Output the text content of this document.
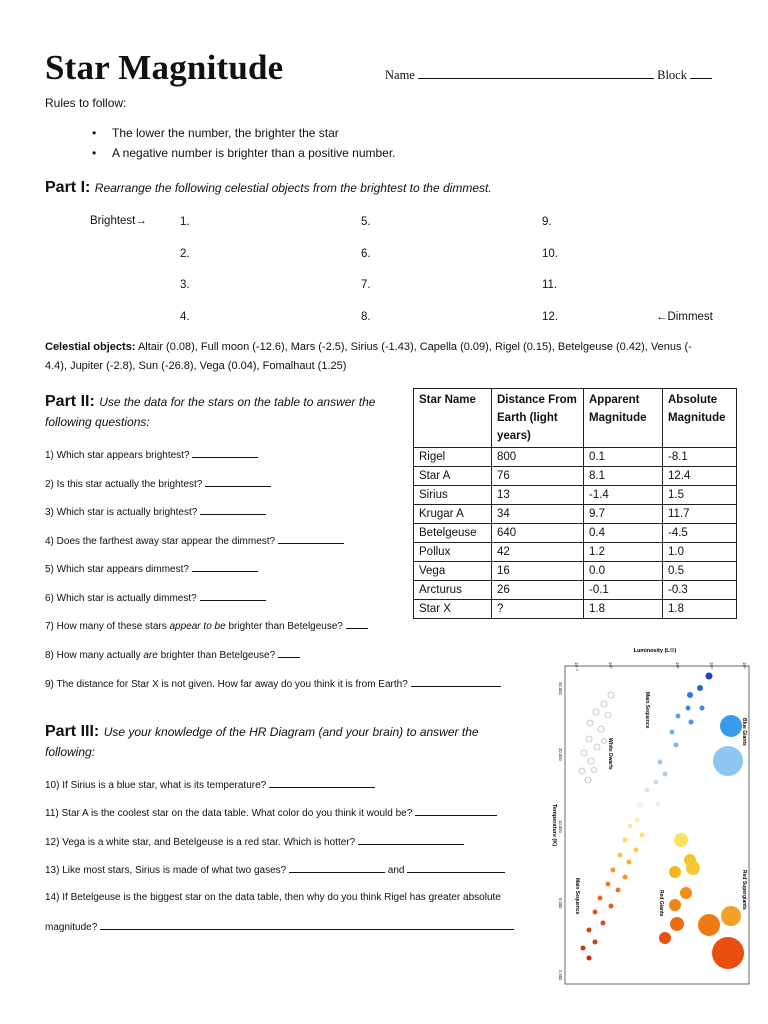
Star Magnitude	Name	Block
Rules to follow:
• The lower the number, the brighter the star
• A negative number is brighter than a positive number.
Part I: Rearrange the following celestial objects from the brightest to the dimmest.
Brightest→
←Dimmest
1.
2.
3.
4.
5.
6.
7.
8.
9.
10.
11.
12.
Celestial objects: Altair (0.08), Full moon (-12.6), Mars (-2.5), Sirius (-1.43), Capella (0.09), Rigel (0.15), Betelgeuse (0.42), Venus (-
4.4), Jupiter (-2.8), Sun (-26.8), Vega (0.04), Fomalhaut (1.25)
Part II: Use the data for the stars on the table to answer the
following questions:
1) Which star appears brightest?
2) Is this star actually the brightest?
3) Which star is actually brightest?
4) Does the farthest away star appear the dimmest?
5) Which star appears dimmest?
6) Which star is actually dimmest?
7) How many of these stars appear to be brighter than Betelgeuse?
8) How many actually are brighter than Betelgeuse?
9) The distance for Star X is not given. How far away do you think it is from Earth?
Star Name	Distance From Earth (light years)	Apparent Magnitude	Absolute Magnitude
Rigel	800	0.1	-8.1
Star A	76	8.1	12.4
Sirius	13	-1.4	1.5
Krugar A	34	9.7	11.7
Betelgeuse	640	0.4	-4.5
Pollux	42	1.2	1.0
Vega	16	0.0	0.5
Arcturus	26	-0.1	-0.3
Star X	?	1.8	1.8
Part III: Use your knowledge of the HR Diagram (and your brain) to answer the
following:
10) If Sirius is a blue star, what is its temperature?
11) Star A is the coolest star on the data table. What color do you think it would be?
12) Vega is a white star, and Betelgeuse is a red star. Which is hotter?
13) Like most stars, Sirius is made of what two gases?	and
14) If Betelgeuse is the biggest star on the data table, then why do you think Rigel has greater absolute
magnitude?
Luminosity (L☉)
10⁻²	10⁰	10²	10⁴	10⁶
Temperature (K)
40,000
20,000
10,000
5,000
2,500
White Dwarfs
Main Sequence
Main Sequence
Blue Giants
Red Giants	Red Supergiants
